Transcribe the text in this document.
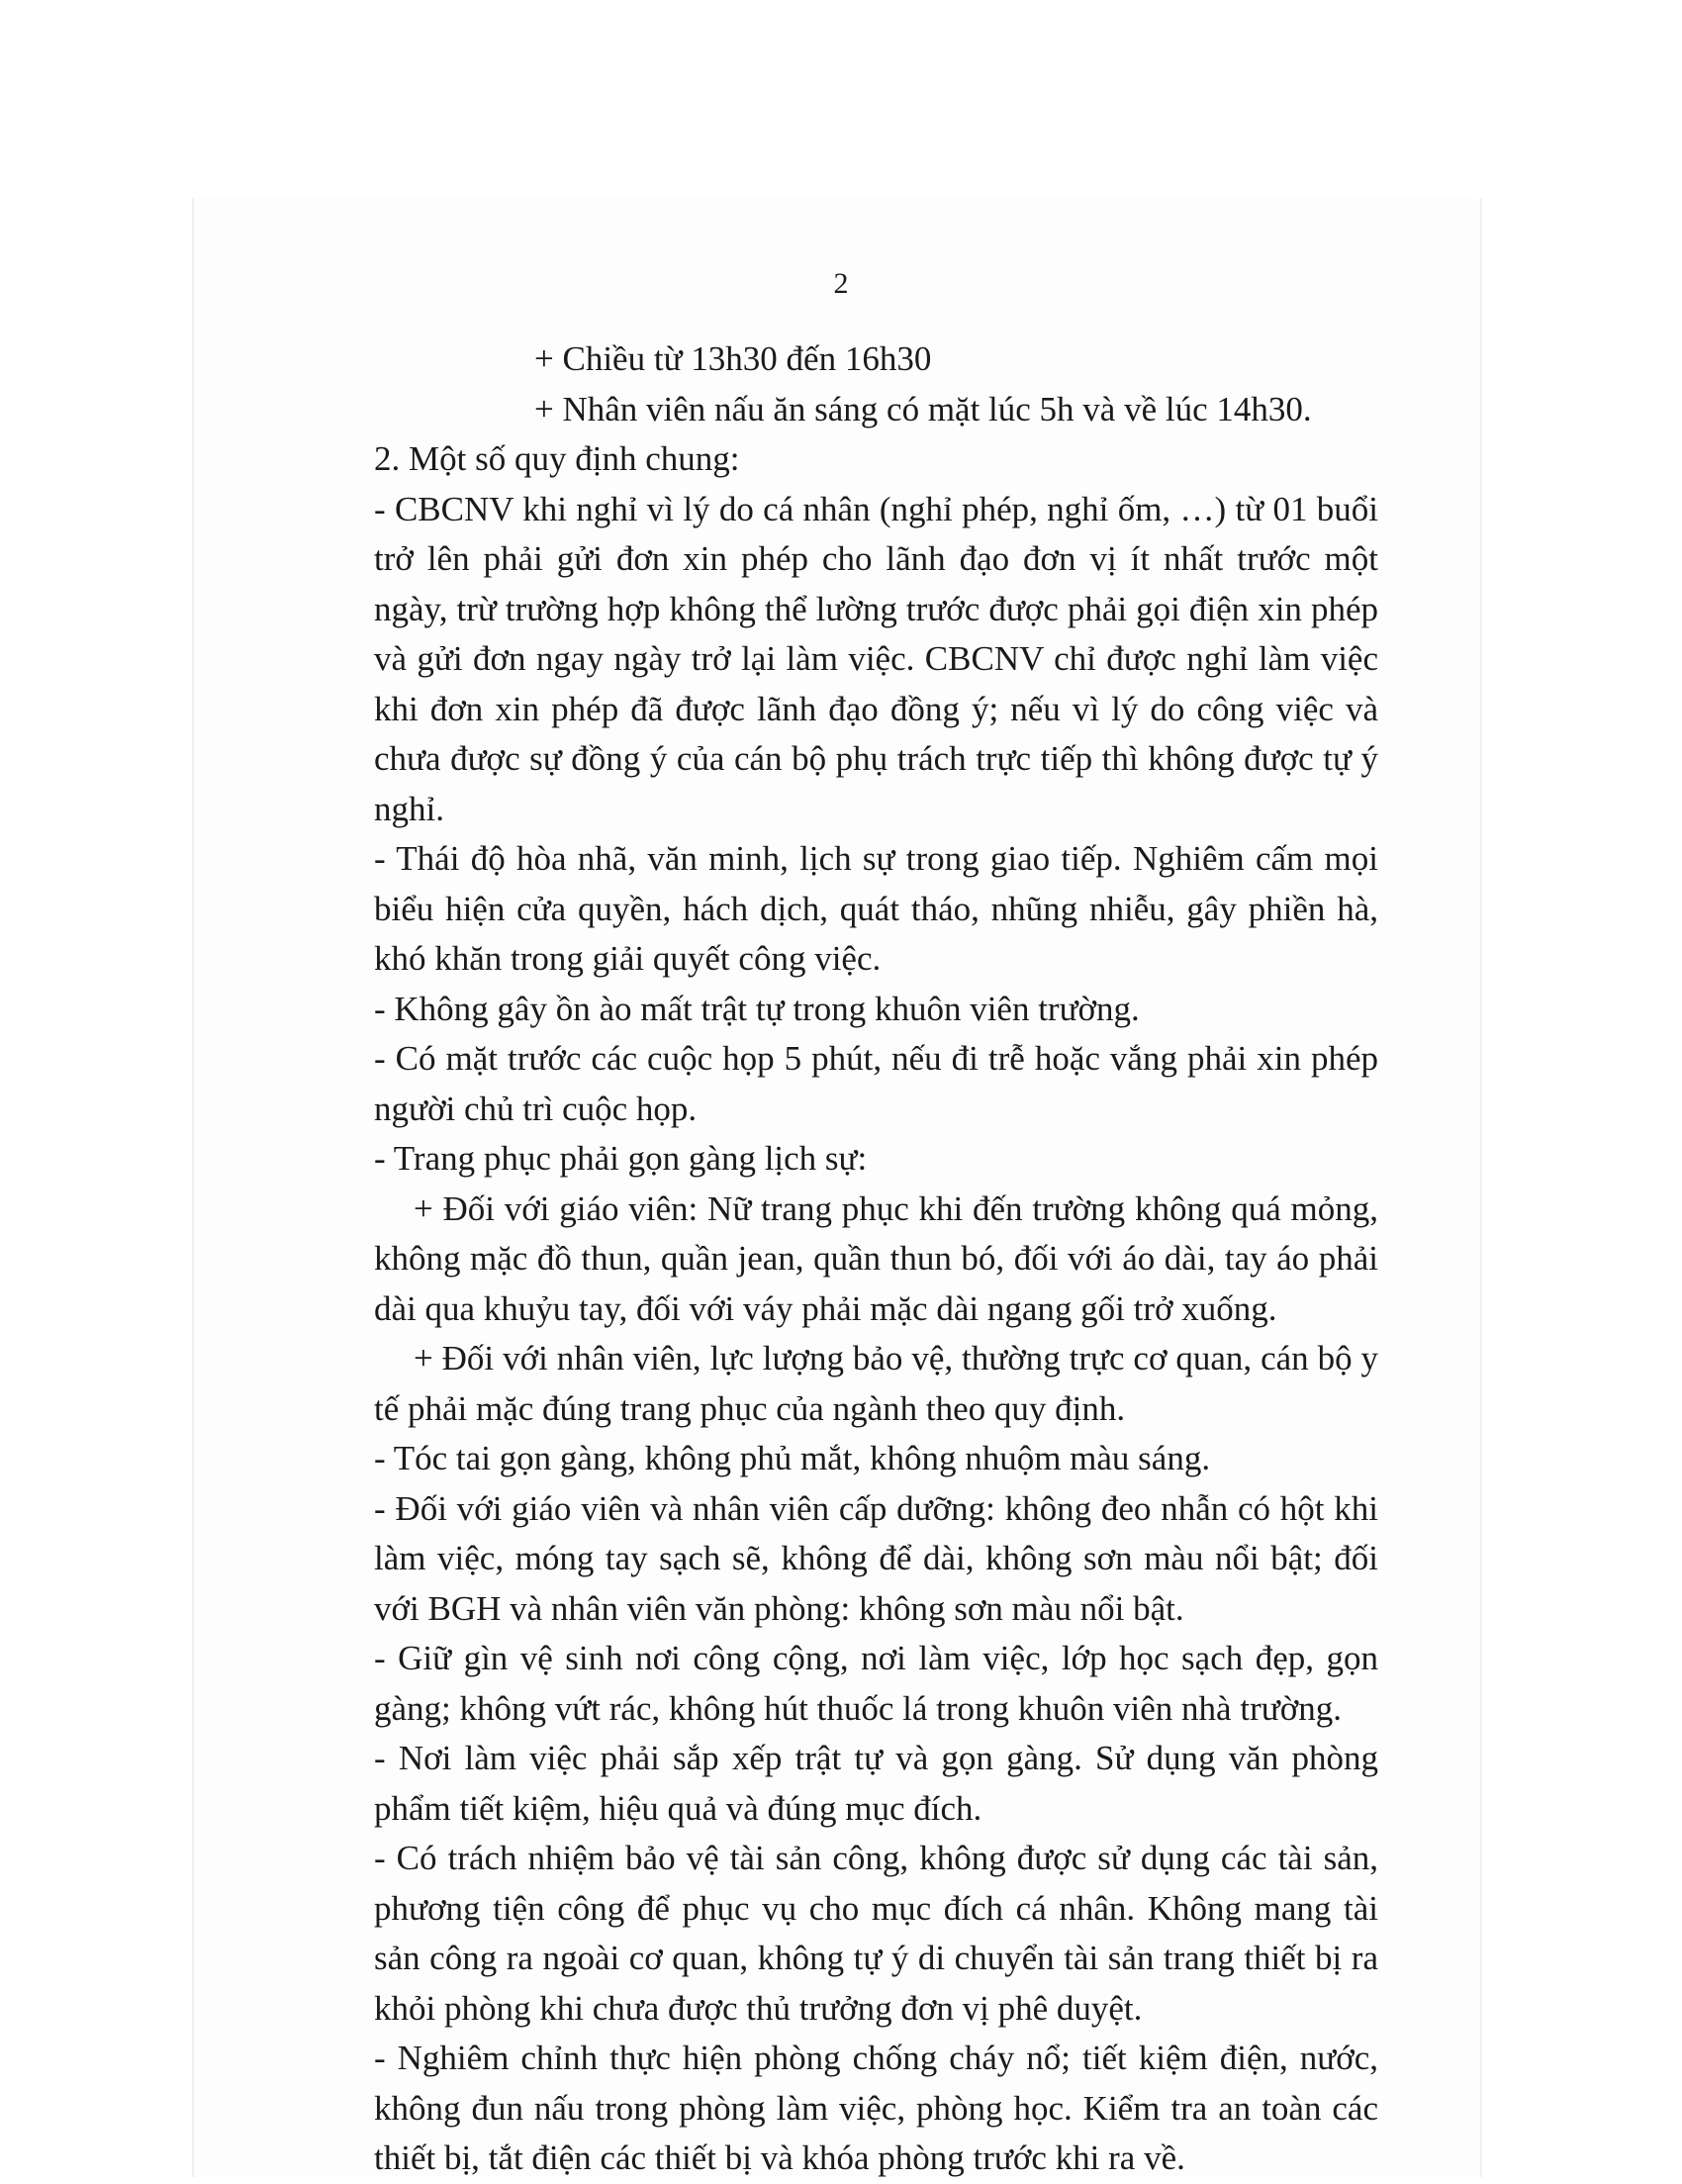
2

+ Chiều từ 13h30 đến 16h30

+ Nhân viên nấu ăn sáng có mặt lúc 5h và về lúc 14h30.

2. Một số quy định chung:

- CBCNV khi nghỉ vì lý do cá nhân (nghỉ phép, nghỉ ốm, …) từ 01 buổi trở lên phải gửi đơn xin phép cho lãnh đạo đơn vị ít nhất trước một ngày, trừ trường hợp không thể lường trước được phải gọi điện xin phép và gửi đơn ngay ngày trở lại làm việc. CBCNV chỉ được nghỉ làm việc khi đơn xin phép đã được lãnh đạo đồng ý; nếu vì lý do công việc và chưa được sự đồng ý của cán bộ phụ trách trực tiếp thì không được tự ý nghỉ.

- Thái độ hòa nhã, văn minh, lịch sự trong giao tiếp. Nghiêm cấm mọi biểu hiện cửa quyền, hách dịch, quát tháo, nhũng nhiễu, gây phiền hà, khó khăn trong giải quyết công việc.

- Không gây ồn ào mất trật tự trong khuôn viên trường.

- Có mặt trước các cuộc họp 5 phút, nếu đi trễ hoặc vắng phải xin phép người chủ trì cuộc họp.

- Trang phục phải gọn gàng lịch sự:

+ Đối với giáo viên: Nữ trang phục khi đến trường không quá mỏng, không mặc đồ thun, quần jean, quần thun bó, đối với áo dài, tay áo phải dài qua khuỷu tay, đối với váy phải mặc dài ngang gối trở xuống.

+ Đối với nhân viên, lực lượng bảo vệ, thường trực cơ quan, cán bộ y tế phải mặc đúng trang phục của ngành theo quy định.

- Tóc tai gọn gàng, không phủ mắt, không nhuộm màu sáng.

- Đối với giáo viên và nhân viên cấp dưỡng: không đeo nhẫn có hột khi làm việc, móng tay sạch sẽ, không để dài, không sơn màu nổi bật; đối với BGH và nhân viên văn phòng: không sơn màu nổi bật.

- Giữ gìn vệ sinh nơi công cộng, nơi làm việc, lớp học sạch đẹp, gọn gàng; không vứt rác, không hút thuốc lá trong khuôn viên nhà trường.

- Nơi làm việc phải sắp xếp trật tự và gọn gàng. Sử dụng văn phòng phẩm tiết kiệm, hiệu quả và đúng mục đích.

- Có trách nhiệm bảo vệ tài sản công, không được sử dụng các tài sản, phương tiện công để phục vụ cho mục đích cá nhân. Không mang tài sản công ra ngoài cơ quan, không tự ý di chuyển tài sản trang thiết bị ra khỏi phòng khi chưa được thủ trưởng đơn vị phê duyệt.

- Nghiêm chỉnh thực hiện phòng chống cháy nổ; tiết kiệm điện, nước, không đun nấu trong phòng làm việc, phòng học. Kiểm tra an toàn các thiết bị, tắt điện các thiết bị và khóa phòng trước khi ra về.
